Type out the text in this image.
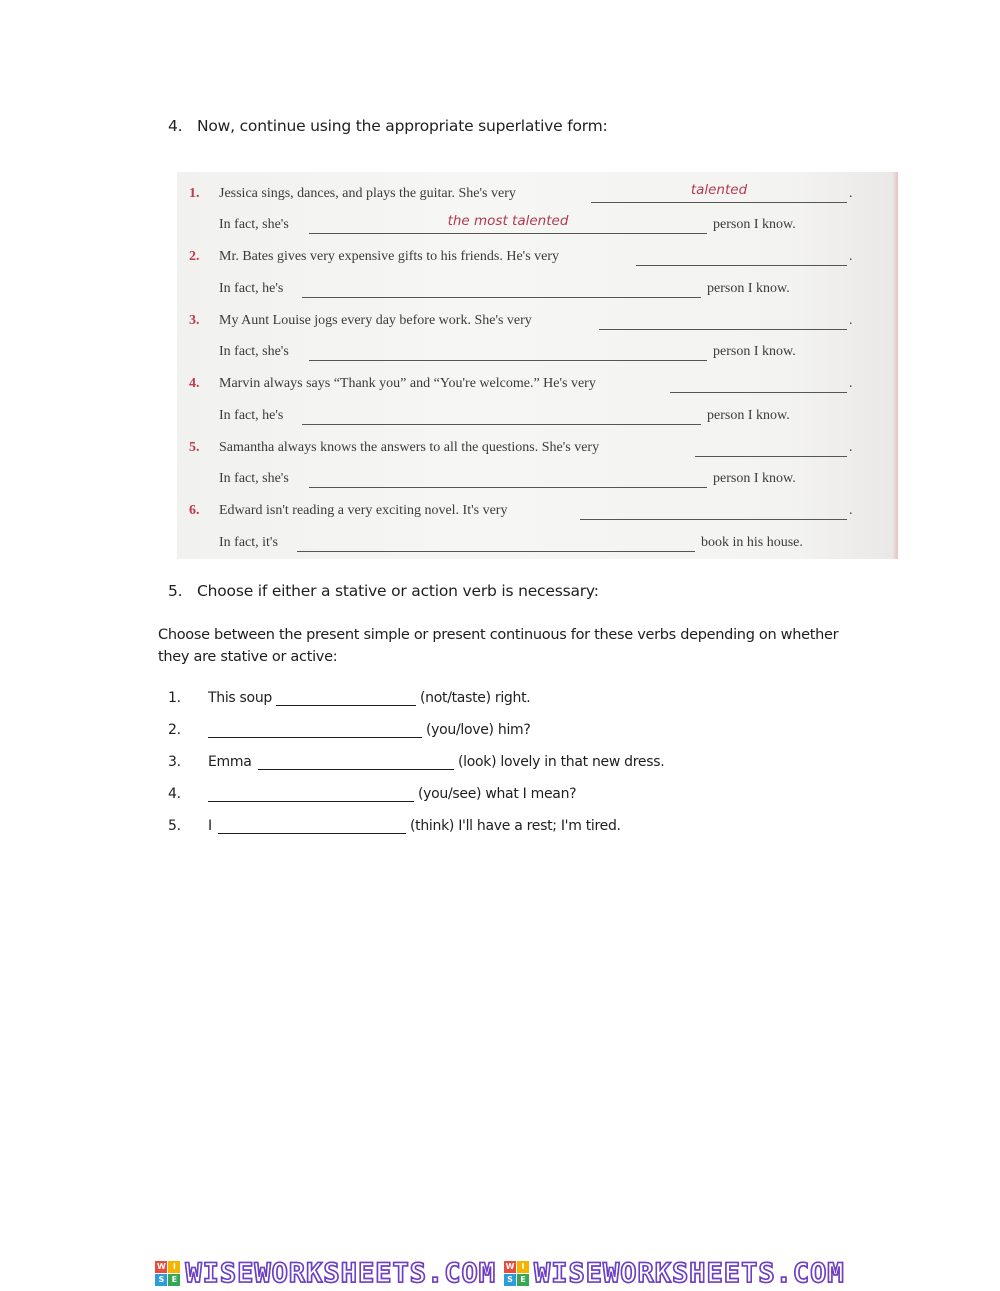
4. Now, continue using the appropriate superlative form:
1.	Jessica sings, dances, and plays the guitar. She's very	talented	.
In fact, she's	the most talented	person I know.
2.	Mr. Bates gives very expensive gifts to his friends. He's very	.
In fact, he's	person I know.
3.	My Aunt Louise jogs every day before work. She's very	.
In fact, she's	person I know.
4.	Marvin always says “Thank you” and “You're welcome.” He's very	.
In fact, he's	person I know.
5.	Samantha always knows the answers to all the questions. She's very	.
In fact, she's	person I know.
6.	Edward isn't reading a very exciting novel. It's very	.
In fact, it's	book in his house.
5. Choose if either a stative or action verb is necessary:
Choose between the present simple or present continuous for these verbs depending on whether they are stative or active:
1. This soup	(not/taste) right.
2.	(you/love) him?
3. Emma	(look) lovely in that new dress.
4.	(you/see) what I mean?
5. I	(think) I'll have a rest; I'm tired.
W I
S E WISEWORKSHEETS.COM W I
S E WISEWORKSHEETS.COM
